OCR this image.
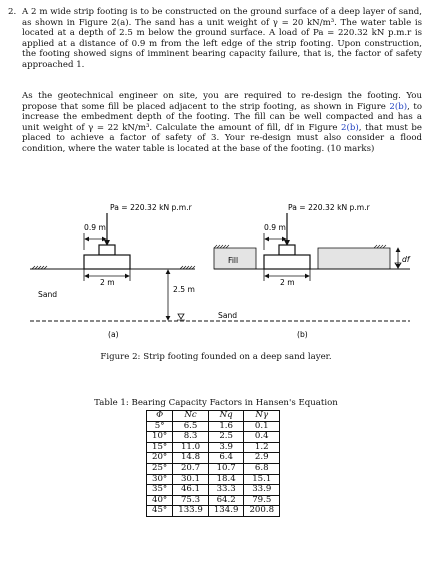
2. A 2 m wide strip footing is to be constructed on the ground surface of a deep layer of sand, as shown in Figure 2(a). The sand has a unit weight of γ = 20 kN/m³. The water table is located at a depth of 2.5 m below the ground surface. A load of Pa = 220.32 kN p.m.r is applied at a distance of 0.9 m from the left edge of the strip footing. Upon construction, the footing showed signs of imminent bearing capacity failure, that is, the factor of safety approached 1.
As the geotechnical engineer on site, you are required to re-design the footing. You propose that some fill be placed adjacent to the strip footing, as shown in Figure 2(b), to increase the embedment depth of the footing. The fill can be well compacted and has a unit weight of γ = 22 kN/m³. Calculate the amount of fill, df in Figure 2(b), that must be placed to achieve a factor of safety of 3. Your re-design must also consider a flood condition, where the water table is located at the base of the footing. (10 marks)
Pa = 220.32 kN p.m.r
0.9 m
2 m
2.5 m
Sand
Pa = 220.32 kN p.m.r
0.9 m
Fill	df
2 m
Sand
(a)	(b)
Figure 2: Strip footing founded on a deep sand layer.
Table 1: Bearing Capacity Factors in Hansen's Equation
Φ	Nc	Nq	Nγ
5°	6.5	1.6	0.1
10°	8.3	2.5	0.4
15°	11.0	3.9	1.2
20°	14.8	6.4	2.9
25°	20.7	10.7	6.8
30°	30.1	18.4	15.1
35°	46.1	33.3	33.9
40°	75.3	64.2	79.5
45°	133.9	134.9	200.8
